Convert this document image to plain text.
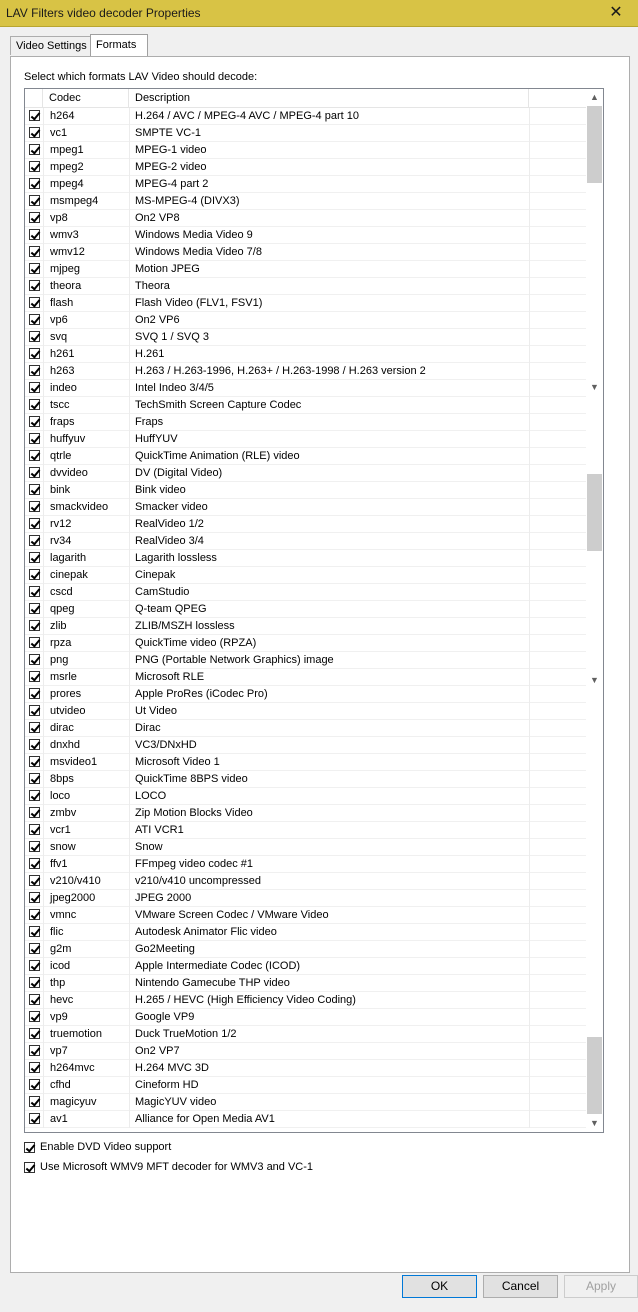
LAV Filters video decoder Properties	✕
Video Settings Formats
Select which formats LAV Video should decode:
Codec	Description
h264	H.264 / AVC / MPEG-4 AVC / MPEG-4 part 10
vc1	SMPTE VC-1
mpeg1	MPEG-1 video
mpeg2	MPEG-2 video
mpeg4	MPEG-4 part 2
msmpeg4	MS-MPEG-4 (DIVX3)
vp8	On2 VP8
wmv3	Windows Media Video 9
wmv12	Windows Media Video 7/8
mjpeg	Motion JPEG
theora	Theora
flash	Flash Video (FLV1, FSV1)
vp6	On2 VP6
svq	SVQ 1 / SVQ 3
h261	H.261
h263	H.263 / H.263-1996, H.263+ / H.263-1998 / H.263 version 2
indeo	Intel Indeo 3/4/5
tscc	TechSmith Screen Capture Codec
fraps	Fraps
huffyuv	HuffYUV
qtrle	QuickTime Animation (RLE) video
dvvideo	DV (Digital Video)
bink	Bink video
smackvideo Smacker video
rv12	RealVideo 1/2
rv34	RealVideo 3/4
lagarith	Lagarith lossless
cinepak	Cinepak
cscd	CamStudio
qpeg	Q-team QPEG
zlib	ZLIB/MSZH lossless
rpza	QuickTime video (RPZA)
png	PNG (Portable Network Graphics) image
msrle	Microsoft RLE
prores	Apple ProRes (iCodec Pro)
utvideo	Ut Video
dirac	Dirac
dnxhd	VC3/DNxHD
msvideo1	Microsoft Video 1
8bps	QuickTime 8BPS video
loco	LOCO
zmbv	Zip Motion Blocks Video
vcr1	ATI VCR1
snow	Snow
ffv1	FFmpeg video codec #1
v210/v410	v210/v410 uncompressed
jpeg2000	JPEG 2000
vmnc	VMware Screen Codec / VMware Video
flic	Autodesk Animator Flic video
g2m	Go2Meeting
icod	Apple Intermediate Codec (ICOD)
thp	Nintendo Gamecube THP video
hevc	H.265 / HEVC (High Efficiency Video Coding)
vp9	Google VP9
truemotion	Duck TrueMotion 1/2
vp7	On2 VP7
h264mvc	H.264 MVC 3D
cfhd	Cineform HD
magicyuv	MagicYUV video
av1	Alliance for Open Media AV1
▲
▼
▼
▼
Enable DVD Video support
Use Microsoft WMV9 MFT decoder for WMV3 and VC-1
OK	Cancel	Apply
